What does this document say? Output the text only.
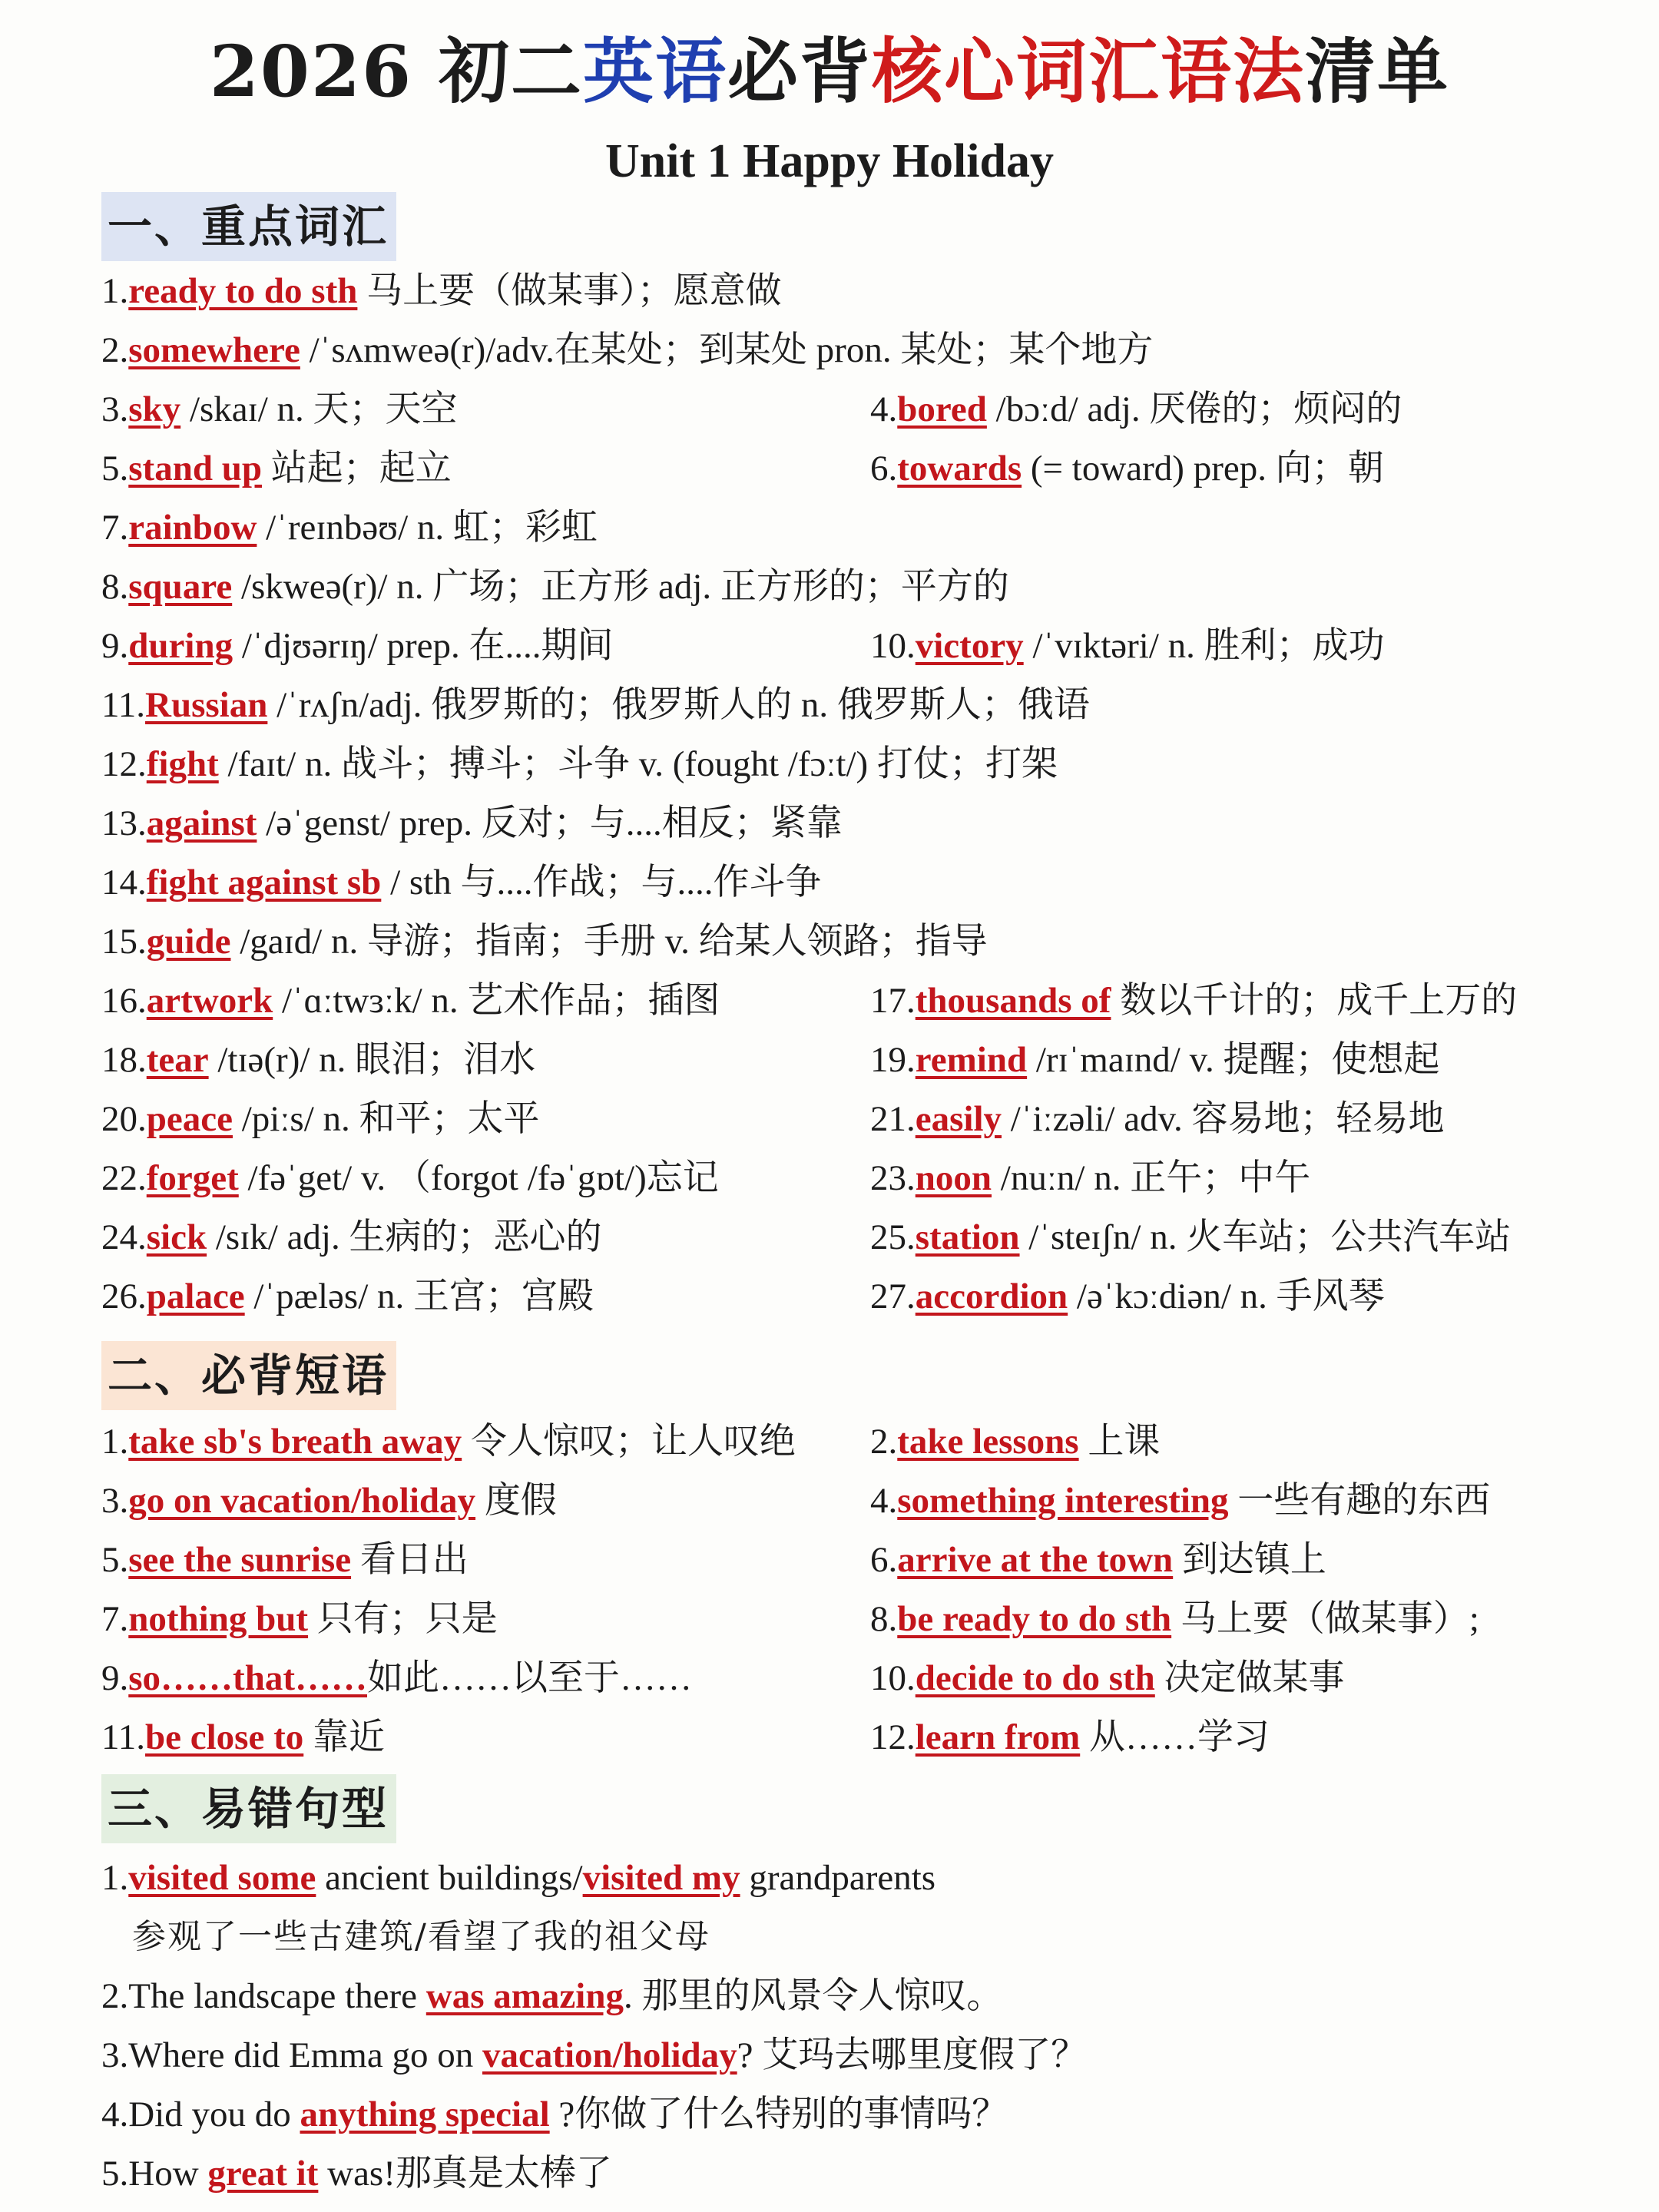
2026 初二英语必背核心词汇语法清单
Unit 1 Happy Holiday
一、重点词汇
1.ready to do sth 马上要（做某事）；愿意做
2.somewhere /ˈsʌmweə(r)/adv.在某处；到某处 pron. 某处；某个地方
3.sky /skaɪ/ n. 天；天空	4.bored /bɔːd/ adj. 厌倦的；烦闷的
5.stand up 站起；起立	6.towards (= toward) prep. 向；朝
7.rainbow /ˈreɪnbəʊ/ n. 虹；彩虹
8.square /skweə(r)/ n. 广场；正方形 adj. 正方形的；平方的
9.during /ˈdjʊərɪŋ/ prep. 在....期间	10.victory /ˈvɪktəri/ n. 胜利；成功
11.Russian /ˈrʌʃn/adj. 俄罗斯的；俄罗斯人的 n. 俄罗斯人；俄语
12.fight /faɪt/ n. 战斗；搏斗；斗争 v. (fought /fɔːt/) 打仗；打架
13.against /əˈgenst/ prep. 反对；与....相反；紧靠
14.fight against sb / sth 与....作战；与....作斗争
15.guide /gaɪd/ n. 导游；指南；手册 v. 给某人领路；指导
16.artwork /ˈɑːtwɜːk/ n. 艺术作品；插图	17.thousands of 数以千计的；成千上万的
18.tear /tɪə(r)/ n. 眼泪；泪水	19.remind /rɪˈmaɪnd/ v. 提醒；使想起
20.peace /piːs/ n. 和平；太平	21.easily /ˈiːzəli/ adv. 容易地；轻易地
22.forget /fəˈget/ v. （forgot /fəˈgɒt/)忘记	23.noon /nuːn/ n. 正午；中午
24.sick /sɪk/ adj. 生病的；恶心的	25.station /ˈsteɪʃn/ n. 火车站；公共汽车站
26.palace /ˈpæləs/ n. 王宫；宫殿	27.accordion /əˈkɔːdiən/ n. 手风琴
二、必背短语
1.take sb's breath away 令人惊叹；让人叹绝 2.take lessons 上课
3.go on vacation/holiday 度假	4.something interesting 一些有趣的东西
5.see the sunrise 看日出	6.arrive at the town 到达镇上
7.nothing but 只有；只是	8.be ready to do sth 马上要（做某事）;
9.so……that……如此……以至于……	10.decide to do sth 决定做某事
11.be close to 靠近	12.learn from 从……学习
三、易错句型
1.visited some ancient buildings/visited my grandparents
参观了一些古建筑/看望了我的祖父母
2.The landscape there was amazing. 那里的风景令人惊叹。
3.Where did Emma go on vacation/holiday? 艾玛去哪里度假了？
4.Did you do anything special ?你做了什么特别的事情吗？
5.How great it was!那真是太棒了
